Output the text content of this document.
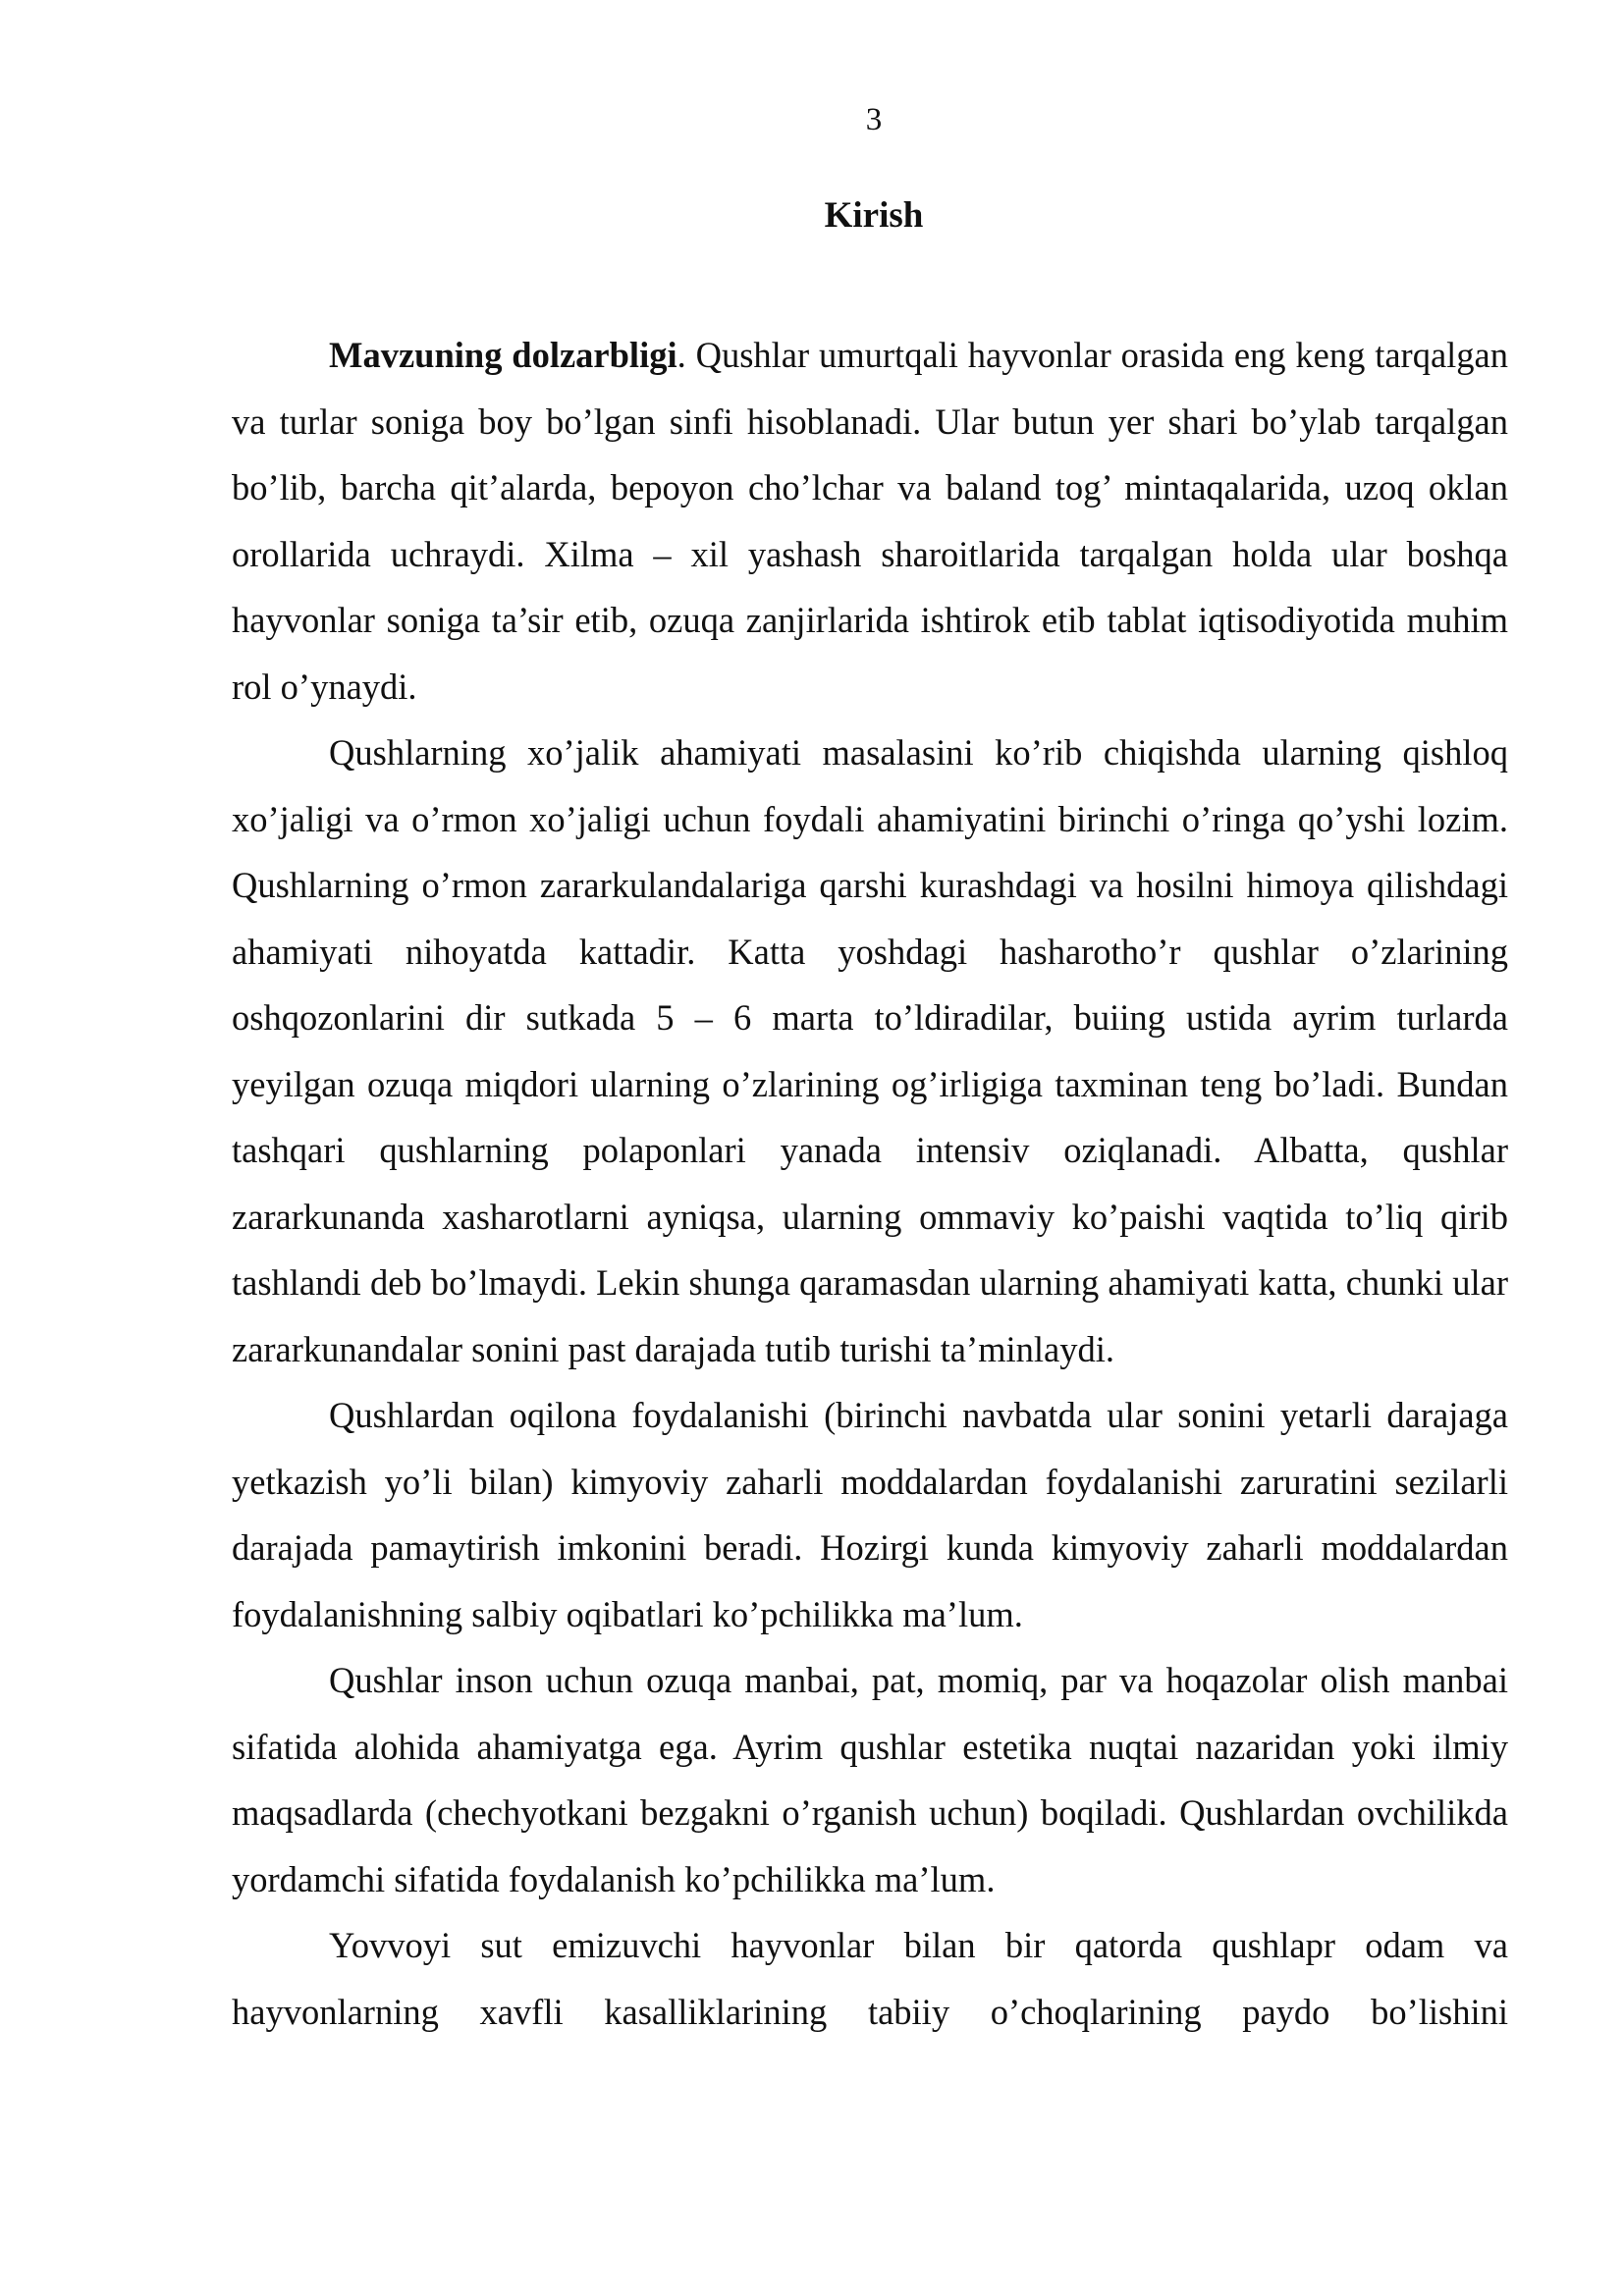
3
Kirish

Mavzuning dolzarbligi. Qushlar umurtqali hayvonlar orasida eng keng tarqalgan va turlar soniga boy bo’lgan sinfi hisoblanadi. Ular butun yer shari bo’ylab tarqalgan bo’lib, barcha qit’alarda, bepoyon cho’lchar va baland tog’ mintaqalarida, uzoq oklan orollarida uchraydi. Xilma – xil yashash sharoitlarida tarqalgan holda ular boshqa hayvonlar soniga ta’sir etib, ozuqa zanjirlarida ishtirok etib tablat iqtisodiyotida muhim rol o’ynaydi.

Qushlarning xo’jalik ahamiyati masalasini ko’rib chiqishda ularning qishloq xo’jaligi va o’rmon xo’jaligi uchun foydali ahamiyatini birinchi o’ringa qo’yshi lozim. Qushlarning o’rmon zararkulandalariga qarshi kurashdagi va hosilni himoya qilishdagi ahamiyati nihoyatda kattadir. Katta yoshdagi hasharotho’r qushlar o’zlarining oshqozonlarini dir sutkada 5 – 6 marta to’ldiradilar, buiing ustida ayrim turlarda yeyilgan ozuqa miqdori ularning o’zlarining og’irligiga taxminan teng bo’ladi. Bundan tashqari qushlarning polaponlari yanada intensiv oziqlanadi. Albatta, qushlar zararkunanda xasharotlarni ayniqsa, ularning ommaviy ko’paishi vaqtida to’liq qirib tashlandi deb bo’lmaydi. Lekin shunga qaramasdan ularning ahamiyati katta, chunki ular zararkunandalar sonini past darajada tutib turishi ta’minlaydi.

Qushlardan oqilona foydalanishi (birinchi navbatda ular sonini yetarli darajaga yetkazish yo’li bilan) kimyoviy zaharli moddalardan foydalanishi zaruratini sezilarli darajada pamaytirish imkonini beradi. Hozirgi kunda kimyoviy zaharli moddalardan foydalanishning salbiy oqibatlari ko’pchilikka ma’lum.

Qushlar inson uchun ozuqa manbai, pat, momiq, par va hoqazolar olish manbai sifatida alohida ahamiyatga ega. Ayrim qushlar estetika nuqtai nazaridan yoki ilmiy maqsadlarda (chechyotkani bezgakni o’rganish uchun) boqiladi. Qushlardan ovchilikda yordamchi sifatida foydalanish ko’pchilikka ma’lum.

Yovvoyi sut emizuvchi hayvonlar bilan bir qatorda qushlapr odam va hayvonlarning xavfli kasalliklarining tabiiy o’choqlarining paydo bo’lishini
